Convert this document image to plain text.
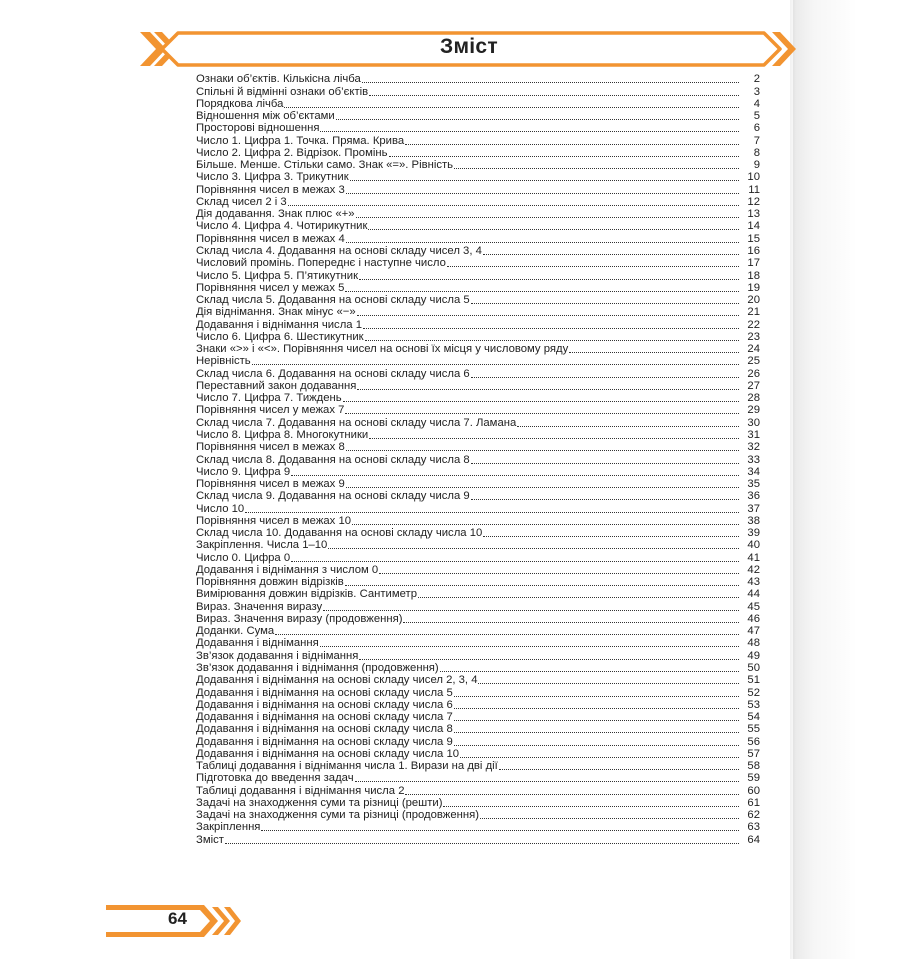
Зміст
Ознаки об’єктів. Кількісна лічба	2
Спільні й відмінні ознаки об’єктів	3
Порядкова лічба	4
Відношення між об’єктами	5
Просторові відношення	6
Число 1. Цифра 1. Точка. Пряма. Крива	7
Число 2. Цифра 2. Відрізок. Промінь	8
Більше. Менше. Стільки само. Знак «=». Рівність	9
Число 3. Цифра 3. Трикутник	10
Порівняння чисел в межах 3	11
Склад чисел 2 і 3	12
Дія додавання. Знак плюс «+»	13
Число 4. Цифра 4. Чотирикутник	14
Порівняння чисел в межах 4	15
Склад числа 4. Додавання на основі складу чисел 3, 4	16
Числовий промінь. Попереднє і наступне число	17
Число 5. Цифра 5. П’ятикутник	18
Порівняння чисел у межах 5	19
Склад числа 5. Додавання на основі складу числа 5	20
Дія віднімання. Знак мінус «−»	21
Додавання і віднімання числа 1	22
Число 6. Цифра 6. Шестикутник	23
Знаки «>» і «<». Порівняння чисел на основі їх місця у числовому ряду	24
Нерівність	25
Склад числа 6. Додавання на основі складу числа 6	26
Переставний закон додавання	27
Число 7. Цифра 7. Тиждень	28
Порівняння чисел у межах 7	29
Склад числа 7. Додавання на основі складу числа 7. Ламана	30
Число 8. Цифра 8. Многокутники	31
Порівняння чисел в межах 8	32
Склад числа 8. Додавання на основі складу числа 8	33
Число 9. Цифра 9	34
Порівняння чисел в межах 9	35
Склад числа 9. Додавання на основі складу числа 9	36
Число 10	37
Порівняння чисел в межах 10	38
Склад числа 10. Додавання на основі складу числа 10	39
Закріплення. Числа 1–10	40
Число 0. Цифра 0	41
Додавання і віднімання з числом 0	42
Порівняння довжин відрізків	43
Вимірювання довжин відрізків. Сантиметр	44
Вираз. Значення виразу	45
Вираз. Значення виразу (продовження)	46
Доданки. Сума	47
Додавання і віднімання	48
Зв’язок додавання і віднімання	49
Зв’язок додавання і віднімання (продовження)	50
Додавання і віднімання на основі складу чисел 2, 3, 4	51
Додавання і віднімання на основі складу числа 5	52
Додавання і віднімання на основі складу числа 6	53
Додавання і віднімання на основі складу числа 7	54
Додавання і віднімання на основі складу числа 8	55
Додавання і віднімання на основі складу числа 9	56
Додавання і віднімання на основі складу числа 10	57
Таблиці додавання і віднімання числа 1. Вирази на дві дії	58
Підготовка до введення задач	59
Таблиці додавання і віднімання числа 2	60
Задачі на знаходження суми та різниці (решти)	61
Задачі на знаходження суми та різниці (продовження)	62
Закріплення	63
Зміст	64
64
